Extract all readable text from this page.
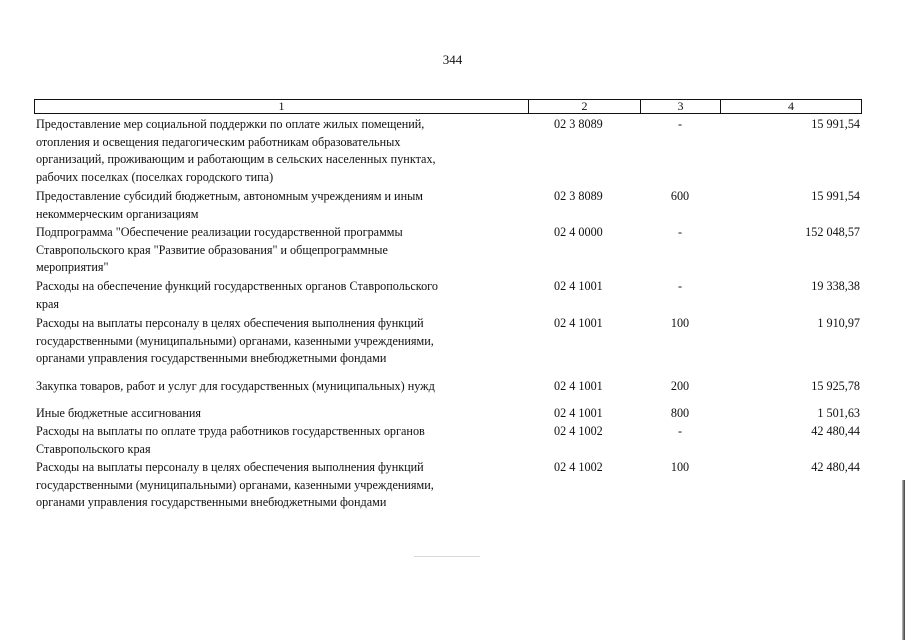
344
1	2	3	4
Предоставление мер социальной поддержки по оплате жилых помещений,
отопления и освещения педагогическим работникам образовательных
организаций, проживающим и работающим в сельских населенных пунктах,
рабочих поселках (поселках городского типа)
02 3 8089	-	15 991,54
Предоставление субсидий бюджетным, автономным учреждениям и иным
некоммерческим организациям
02 3 8089	600	15 991,54
Подпрограмма "Обеспечение реализации государственной программы
Ставропольского края "Развитие образования" и общепрограммные
мероприятия"
02 4 0000	-	152 048,57
Расходы на обеспечение функций государственных органов Ставропольского
края
02 4 1001	-	19 338,38
Расходы на выплаты персоналу в целях обеспечения выполнения функций
государственными (муниципальными) органами, казенными учреждениями,
органами управления государственными внебюджетными фондами
02 4 1001	100	1 910,97
Закупка товаров, работ и услуг для государственных (муниципальных) нужд	02 4 1001	200	15 925,78
Иные бюджетные ассигнования	02 4 1001	800	1 501,63
Расходы на выплаты по оплате труда работников государственных органов
Ставропольского края
02 4 1002	-	42 480,44
Расходы на выплаты персоналу в целях обеспечения выполнения функций
государственными (муниципальными) органами, казенными учреждениями,
органами управления государственными внебюджетными фондами
02 4 1002	100	42 480,44
